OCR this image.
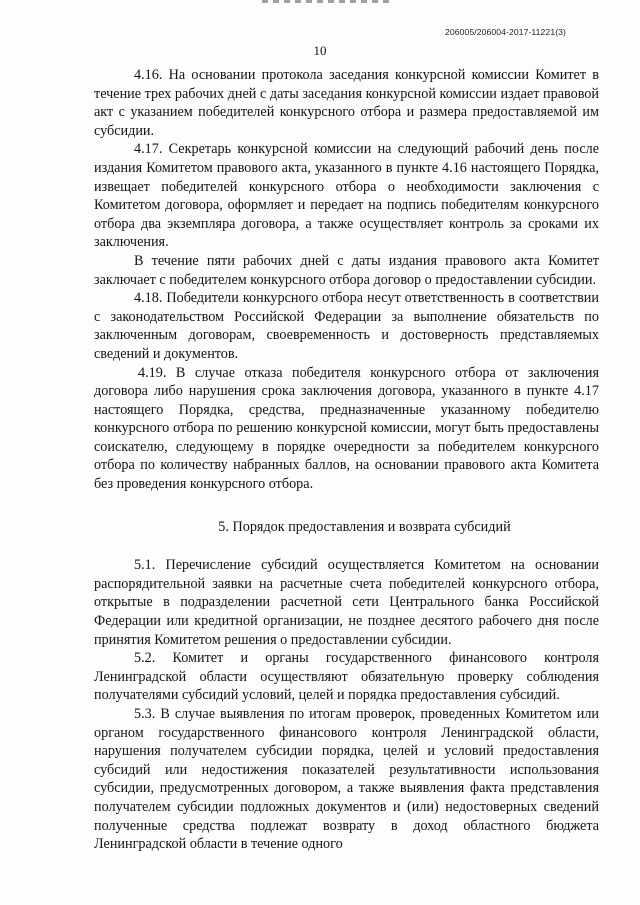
206005/206004-2017-11221(3)
10

4.16. На основании протокола заседания конкурсной комиссии Комитет в течение трех рабочих дней с даты заседания конкурсной комиссии издает правовой акт с указанием победителей конкурсного отбора и размера предоставляемой им субсидии.

4.17. Секретарь конкурсной комиссии на следующий рабочий день после издания Комитетом правового акта, указанного в пункте 4.16 настоящего Порядка, извещает победителей конкурсного отбора о необходимости заключения с Комитетом договора, оформляет и передает на подпись победителям конкурсного отбора два экземпляра договора, а также осуществляет контроль за сроками их заключения.

В течение пяти рабочих дней с даты издания правового акта Комитет заключает с победителем конкурсного отбора договор о предоставлении субсидии.

4.18. Победители конкурсного отбора несут ответственность в соответствии с законодательством Российской Федерации за выполнение обязательств по заключенным договорам, своевременность и достоверность представляемых сведений и документов.

4.19. В случае отказа победителя конкурсного отбора от заключения договора либо нарушения срока заключения договора, указанного в пункте 4.17 настоящего Порядка, средства, предназначенные указанному победителю конкурсного отбора по решению конкурсной комиссии, могут быть предоставлены соискателю, следующему в порядке очередности за победителем конкурсного отбора по количеству набранных баллов, на основании правового акта Комитета без проведения конкурсного отбора.

5. Порядок предоставления и возврата субсидий

5.1. Перечисление субсидий осуществляется Комитетом на основании распорядительной заявки на расчетные счета победителей конкурсного отбора, открытые в подразделении расчетной сети Центрального банка Российской Федерации или кредитной организации, не позднее десятого рабочего дня после принятия Комитетом решения о предоставлении субсидии.

5.2. Комитет и органы государственного финансового контроля Ленинградской области осуществляют обязательную проверку соблюдения получателями субсидий условий, целей и порядка предоставления субсидий.

5.3. В случае выявления по итогам проверок, проведенных Комитетом или органом государственного финансового контроля Ленинградской области, нарушения получателем субсидии порядка, целей и условий предоставления субсидий или недостижения показателей результативности использования субсидии, предусмотренных договором, а также выявления факта представления получателем субсидии подложных документов и (или) недостоверных сведений полученные средства подлежат возврату в доход областного бюджета Ленинградской области в течение одного
